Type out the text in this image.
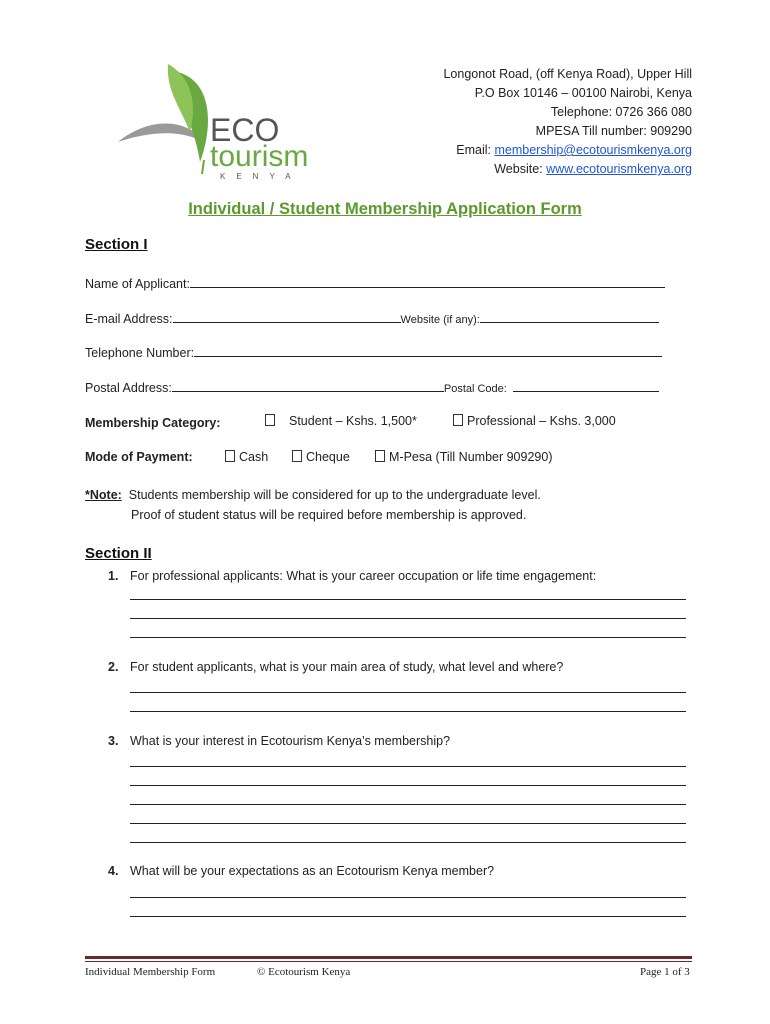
ECO
tourism
KENYA
Longonot Road, (off Kenya Road), Upper Hill
P.O Box 10146 – 00100 Nairobi, Kenya
Telephone: 0726 366 080
MPESA Till number: 909290
Email: membership@ecotourismkenya.org
Website: www.ecotourismkenya.org
Individual / Student Membership Application Form
Section I
Name of Applicant:
E-mail Address:	Website (if any):
Telephone Number:
Postal Address:	Postal Code:
Membership Category:	Student – Kshs. 1,500*	Professional – Kshs. 3,000
Mode of Payment:	Cash	Cheque	M-Pesa (Till Number 909290)
*Note: Students membership will be considered for up to the undergraduate level.
Proof of student status will be required before membership is approved.
Section II
1. For professional applicants: What is your career occupation or life time engagement:
2. For student applicants, what is your main area of study, what level and where?
3. What is your interest in Ecotourism Kenya’s membership?
4. What will be your expectations as an Ecotourism Kenya member?
Individual Membership Form	© Ecotourism Kenya	Page 1 of 3
